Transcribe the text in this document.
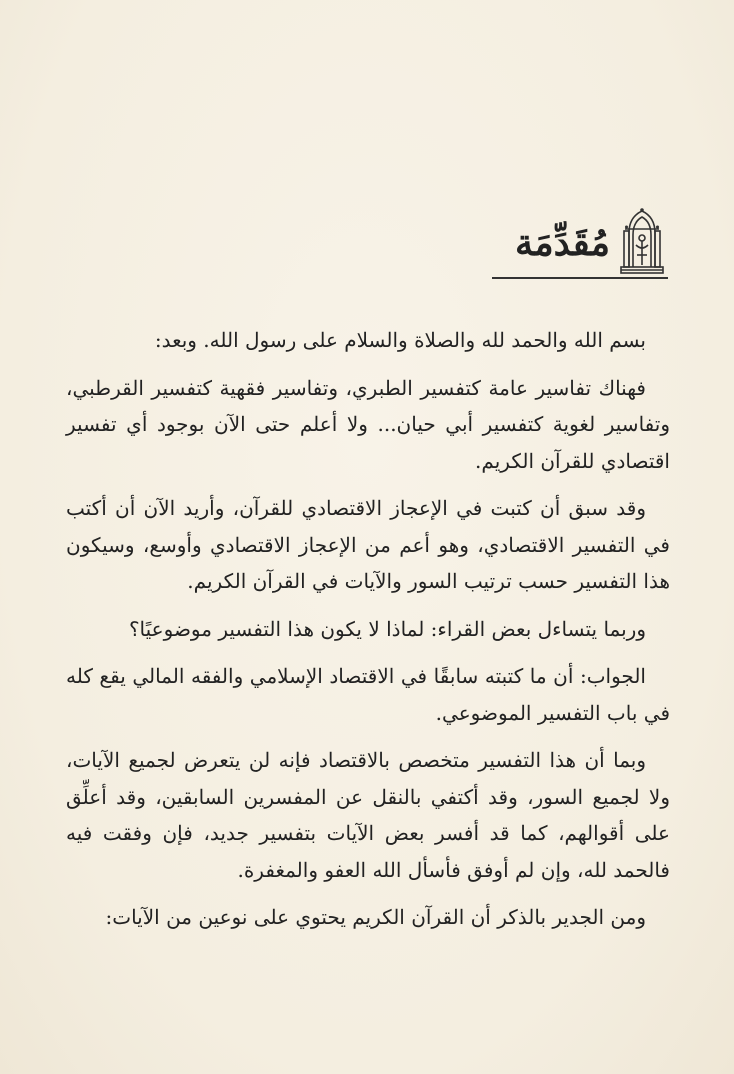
مُقَدِّمَة

بسم الله والحمد لله والصلاة والسلام على رسول الله. وبعد:

فهناك تفاسير عامة كتفسير الطبري، وتفاسير فقهية كتفسير القرطبي، وتفاسير لغوية كتفسير أبي حيان... ولا أعلم حتى الآن بوجود أي تفسير اقتصادي للقرآن الكريم.

وقد سبق أن كتبت في الإعجاز الاقتصادي للقرآن، وأريد الآن أن أكتب في التفسير الاقتصادي، وهو أعم من الإعجاز الاقتصادي وأوسع، وسيكون هذا التفسير حسب ترتيب السور والآيات في القرآن الكريم.

وربما يتساءل بعض القراء: لماذا لا يكون هذا التفسير موضوعيًا؟

الجواب: أن ما كتبته سابقًا في الاقتصاد الإسلامي والفقه المالي يقع كله في باب التفسير الموضوعي.

وبما أن هذا التفسير متخصص بالاقتصاد فإنه لن يتعرض لجميع الآيات، ولا لجميع السور، وقد أكتفي بالنقل عن المفسرين السابقين، وقد أعلِّق على أقوالهم، كما قد أفسر بعض الآيات بتفسير جديد، فإن وفقت فيه فالحمد لله، وإن لم أوفق فأسأل الله العفو والمغفرة.

ومن الجدير بالذكر أن القرآن الكريم يحتوي على نوعين من الآيات:
